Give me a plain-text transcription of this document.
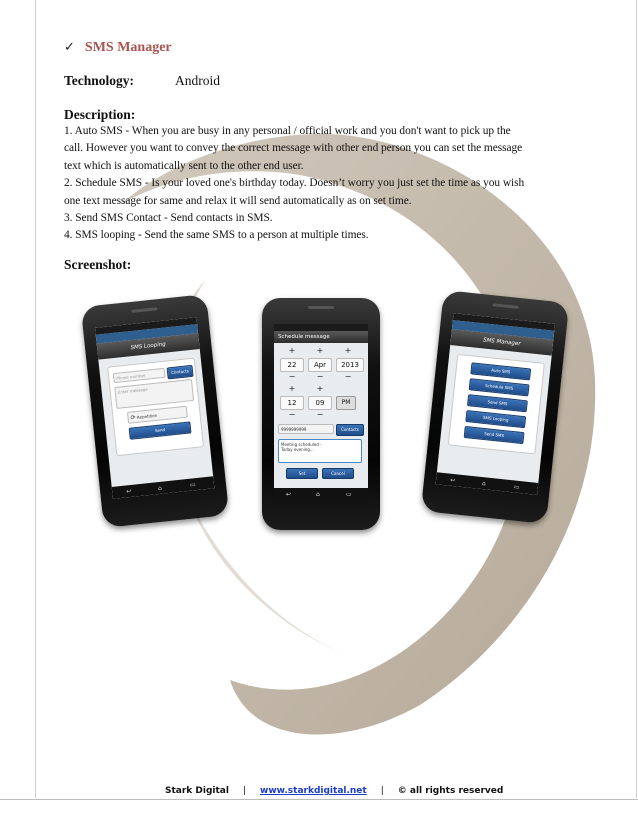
✓ SMS Manager
Technology:	Android
Description:
1. Auto SMS - When you are busy in any personal / official work and you don't want to pick up the
call. However you want to convey the correct message with other end person you can set the message
text which is automatically sent to the other end user.
2. Schedule SMS - Is your loved one's birthday today. Doesn’t worry you just set the time as you wish
one text message for same and relax it will send automatically as on set time.
3. Send SMS Contact - Send contacts in SMS.
4. SMS looping - Send the same SMS to a person at multiple times.
Screenshot:
SMS Looping
Phone number
Contacts
Enter message
⟳ Repetition
Send
↩	⌂	▭
Schedule message
+	+	+
22	Apr	2013
−	−	−
+	+
12	09	PM
−	−
9999999999	Contacts
Meeting scheduled -
Today evening...
Set	Cancel
↩	⌂	▭
SMS Manager
Auto SMS
Schedule SMS
Send SMS
SMS Looping
Send SMS
↩	⌂	▭
Stark Digital | www.starkdigital.net | © all rights reserved
